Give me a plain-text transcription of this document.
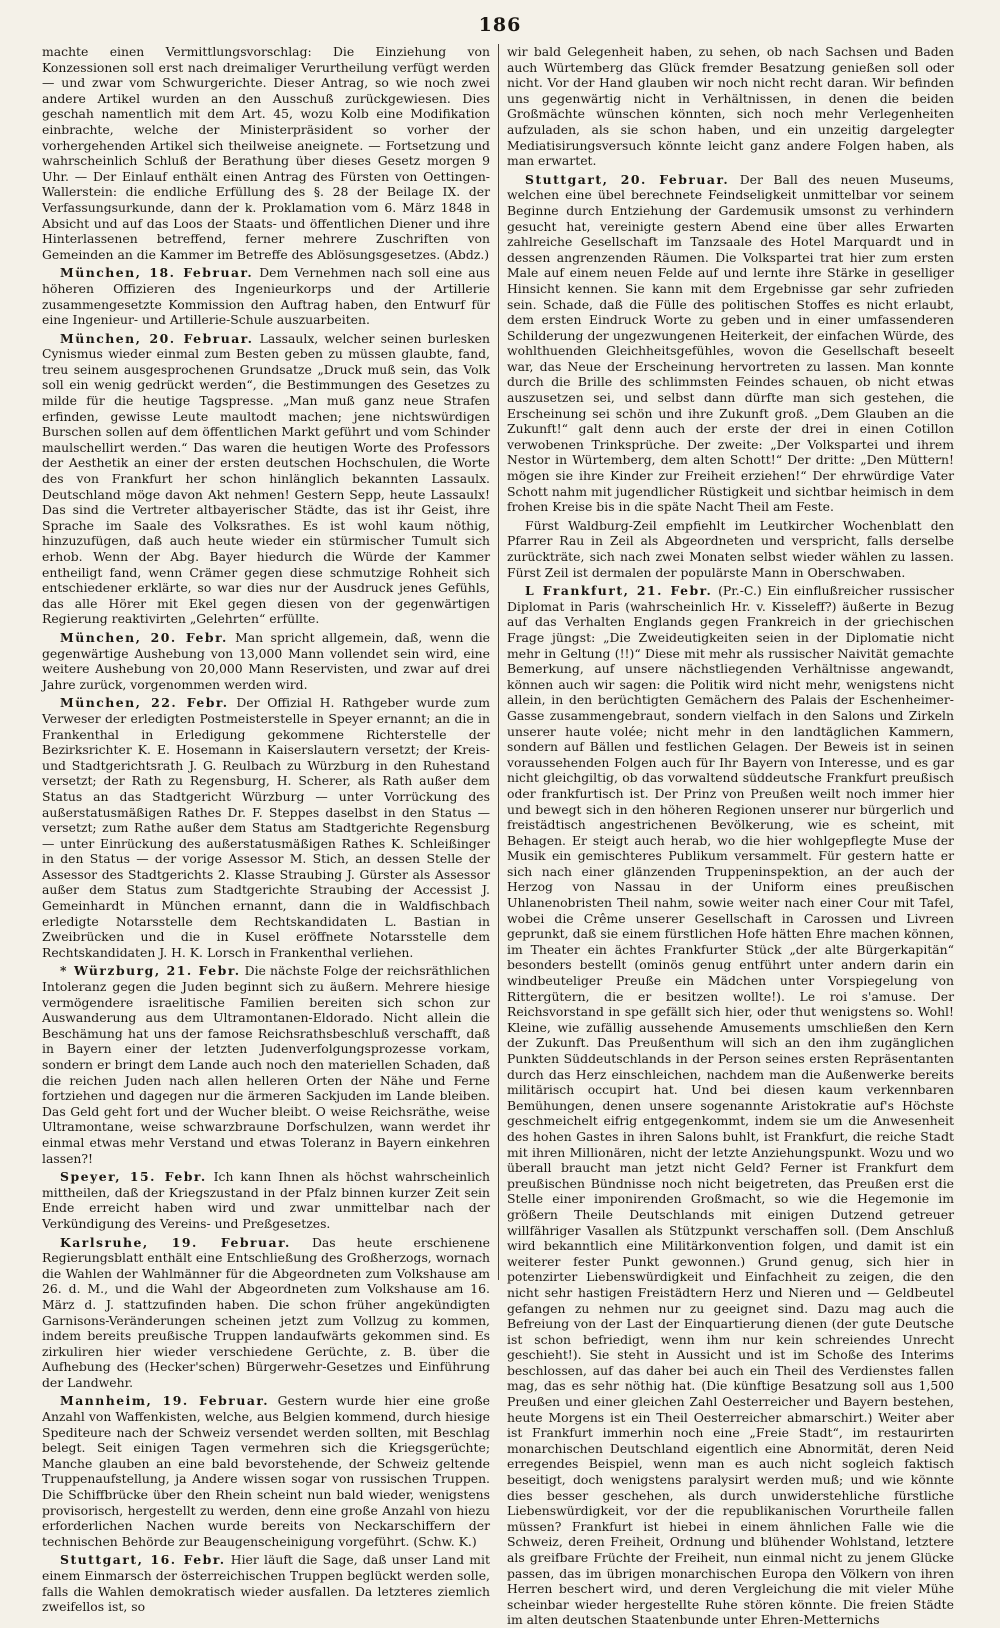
186

machte einen Vermittlungsvorschlag: Die Einziehung von Konzessionen soll erst nach dreimaliger Verurtheilung verfügt werden — und zwar vom Schwurgerichte. Dieser Antrag, so wie noch zwei andere Artikel wurden an den Ausschuß zurückgewiesen. Dies geschah namentlich mit dem Art. 45, wozu Kolb eine Modifikation einbrachte, welche der Ministerpräsident so vorher der vorhergehenden Artikel sich theilweise aneignete. — Fortsetzung und wahrscheinlich Schluß der Berathung über dieses Gesetz morgen 9 Uhr. — Der Einlauf enthält einen Antrag des Fürsten von Oettingen-Wallerstein: die endliche Erfüllung des §. 28 der Beilage IX. der Verfassungsurkunde, dann der k. Proklamation vom 6. März 1848 in Absicht und auf das Loos der Staats- und öffentlichen Diener und ihre Hinterlassenen betreffend, ferner mehrere Zuschriften von Gemeinden an die Kammer im Betreffe des Ablösungsgesetzes. (Abdz.)

München, 18. Februar. Dem Vernehmen nach soll eine aus höheren Offizieren des Ingenieurkorps und der Artillerie zusammengesetzte Kommission den Auftrag haben, den Entwurf für eine Ingenieur- und Artillerie-Schule auszuarbeiten.

München, 20. Februar. Lassaulx, welcher seinen burlesken Cynismus wieder einmal zum Besten geben zu müssen glaubte, fand, treu seinem ausgesprochenen Grundsatze „Druck muß sein, das Volk soll ein wenig gedrückt werden“, die Bestimmungen des Gesetzes zu milde für die heutige Tagspresse. „Man muß ganz neue Strafen erfinden, gewisse Leute maultodt machen; jene nichtswürdigen Burschen sollen auf dem öffentlichen Markt geführt und vom Schinder maulschellirt werden.“ Das waren die heutigen Worte des Professors der Aesthetik an einer der ersten deutschen Hochschulen, die Worte des von Frankfurt her schon hinlänglich bekannten Lassaulx. Deutschland möge davon Akt nehmen! Gestern Sepp, heute Lassaulx! Das sind die Vertreter altbayerischer Städte, das ist ihr Geist, ihre Sprache im Saale des Volksrathes. Es ist wohl kaum nöthig, hinzuzufügen, daß auch heute wieder ein stürmischer Tumult sich erhob. Wenn der Abg. Bayer hiedurch die Würde der Kammer entheiligt fand, wenn Crämer gegen diese schmutzige Rohheit sich entschiedener erklärte, so war dies nur der Ausdruck jenes Gefühls, das alle Hörer mit Ekel gegen diesen von der gegenwärtigen Regierung reaktivirten „Gelehrten“ erfüllte.

München, 20. Febr. Man spricht allgemein, daß, wenn die gegenwärtige Aushebung von 13,000 Mann vollendet sein wird, eine weitere Aushebung von 20,000 Mann Reservisten, und zwar auf drei Jahre zurück, vorgenommen werden wird.

München, 22. Febr. Der Offizial H. Rathgeber wurde zum Verweser der erledigten Postmeisterstelle in Speyer ernannt; an die in Frankenthal in Erledigung gekommene Richterstelle der Bezirksrichter K. E. Hosemann in Kaiserslautern versetzt; der Kreis- und Stadtgerichtsrath J. G. Reulbach zu Würzburg in den Ruhestand versetzt; der Rath zu Regensburg, H. Scherer, als Rath außer dem Status an das Stadtgericht Würzburg — unter Vorrückung des außerstatusmäßigen Rathes Dr. F. Steppes daselbst in den Status — versetzt; zum Rathe außer dem Status am Stadtgerichte Regensburg — unter Einrückung des außerstatusmäßigen Rathes K. Schleißinger in den Status — der vorige Assessor M. Stich, an dessen Stelle der Assessor des Stadtgerichts 2. Klasse Straubing J. Gürster als Assessor außer dem Status zum Stadtgerichte Straubing der Accessist J. Gemeinhardt in München ernannt, dann die in Waldfischbach erledigte Notarsstelle dem Rechtskandidaten L. Bastian in Zweibrücken und die in Kusel eröffnete Notarsstelle dem Rechtskandidaten J. H. K. Lorsch in Frankenthal verliehen.

* Würzburg, 21. Febr. Die nächste Folge der reichsräthlichen Intoleranz gegen die Juden beginnt sich zu äußern. Mehrere hiesige vermögendere israelitische Familien bereiten sich schon zur Auswanderung aus dem Ultramontanen-Eldorado. Nicht allein die Beschämung hat uns der famose Reichsrathsbeschluß verschafft, daß in Bayern einer der letzten Judenverfolgungsprozesse vorkam, sondern er bringt dem Lande auch noch den materiellen Schaden, daß die reichen Juden nach allen helleren Orten der Nähe und Ferne fortziehen und dagegen nur die ärmeren Sackjuden im Lande bleiben. Das Geld geht fort und der Wucher bleibt. O weise Reichsräthe, weise Ultramontane, weise schwarzbraune Dorfschulzen, wann werdet ihr einmal etwas mehr Verstand und etwas Toleranz in Bayern einkehren lassen?!

Speyer, 15. Febr. Ich kann Ihnen als höchst wahrscheinlich mittheilen, daß der Kriegszustand in der Pfalz binnen kurzer Zeit sein Ende erreicht haben wird und zwar unmittelbar nach der Verkündigung des Vereins- und Preßgesetzes.

Karlsruhe, 19. Februar. Das heute erschienene Regierungsblatt enthält eine Entschließung des Großherzogs, wornach die Wahlen der Wahlmänner für die Abgeordneten zum Volkshause am 26. d. M., und die Wahl der Abgeordneten zum Volkshause am 16. März d. J. stattzufinden haben. Die schon früher angekündigten Garnisons-Veränderungen scheinen jetzt zum Vollzug zu kommen, indem bereits preußische Truppen landaufwärts gekommen sind. Es zirkuliren hier wieder verschiedene Gerüchte, z. B. über die Aufhebung des (Hecker'schen) Bürgerwehr-Gesetzes und Einführung der Landwehr.

Mannheim, 19. Februar. Gestern wurde hier eine große Anzahl von Waffenkisten, welche, aus Belgien kommend, durch hiesige Spediteure nach der Schweiz versendet werden sollten, mit Beschlag belegt. Seit einigen Tagen vermehren sich die Kriegsgerüchte; Manche glauben an eine bald bevorstehende, der Schweiz geltende Truppenaufstellung, ja Andere wissen sogar von russischen Truppen. Die Schiffbrücke über den Rhein scheint nun bald wieder, wenigstens provisorisch, hergestellt zu werden, denn eine große Anzahl von hiezu erforderlichen Nachen wurde bereits von Neckarschiffern der technischen Behörde zur Beaugenscheinigung vorgeführt. (Schw. K.)

Stuttgart, 16. Febr. Hier läuft die Sage, daß unser Land mit einem Einmarsch der österreichischen Truppen beglückt werden solle, falls die Wahlen demokratisch wieder ausfallen. Da letzteres ziemlich zweifellos ist, so

wir bald Gelegenheit haben, zu sehen, ob nach Sachsen und Baden auch Würtemberg das Glück fremder Besatzung genießen soll oder nicht. Vor der Hand glauben wir noch nicht recht daran. Wir befinden uns gegenwärtig nicht in Verhältnissen, in denen die beiden Großmächte wünschen könnten, sich noch mehr Verlegenheiten aufzuladen, als sie schon haben, und ein unzeitig dargelegter Mediatisirungsversuch könnte leicht ganz andere Folgen haben, als man erwartet.

Stuttgart, 20. Februar. Der Ball des neuen Museums, welchen eine übel berechnete Feindseligkeit unmittelbar vor seinem Beginne durch Entziehung der Gardemusik umsonst zu verhindern gesucht hat, vereinigte gestern Abend eine über alles Erwarten zahlreiche Gesellschaft im Tanzsaale des Hotel Marquardt und in dessen angrenzenden Räumen. Die Volkspartei trat hier zum ersten Male auf einem neuen Felde auf und lernte ihre Stärke in geselliger Hinsicht kennen. Sie kann mit dem Ergebnisse gar sehr zufrieden sein. Schade, daß die Fülle des politischen Stoffes es nicht erlaubt, dem ersten Eindruck Worte zu geben und in einer umfassenderen Schilderung der ungezwungenen Heiterkeit, der einfachen Würde, des wohlthuenden Gleichheitsgefühles, wovon die Gesellschaft beseelt war, das Neue der Erscheinung hervortreten zu lassen. Man konnte durch die Brille des schlimmsten Feindes schauen, ob nicht etwas auszusetzen sei, und selbst dann dürfte man sich gestehen, die Erscheinung sei schön und ihre Zukunft groß. „Dem Glauben an die Zukunft!“ galt denn auch der erste der drei in einen Cotillon verwobenen Trinksprüche. Der zweite: „Der Volkspartei und ihrem Nestor in Würtemberg, dem alten Schott!“ Der dritte: „Den Müttern! mögen sie ihre Kinder zur Freiheit erziehen!“ Der ehrwürdige Vater Schott nahm mit jugendlicher Rüstigkeit und sichtbar heimisch in dem frohen Kreise bis in die späte Nacht Theil am Feste.

Fürst Waldburg-Zeil empfiehlt im Leutkircher Wochenblatt den Pfarrer Rau in Zeil als Abgeordneten und verspricht, falls derselbe zurückträte, sich nach zwei Monaten selbst wieder wählen zu lassen. Fürst Zeil ist dermalen der populärste Mann in Oberschwaben.

L Frankfurt, 21. Febr. (Pr.-C.) Ein einflußreicher russischer Diplomat in Paris (wahrscheinlich Hr. v. Kisseleff?) äußerte in Bezug auf das Verhalten Englands gegen Frankreich in der griechischen Frage jüngst: „Die Zweideutigkeiten seien in der Diplomatie nicht mehr in Geltung (!!)“ Diese mit mehr als russischer Naivität gemachte Bemerkung, auf unsere nächstliegenden Verhältnisse angewandt, können auch wir sagen: die Politik wird nicht mehr, wenigstens nicht allein, in den berüchtigten Gemächern des Palais der Eschenheimer-Gasse zusammengebraut, sondern vielfach in den Salons und Zirkeln unserer haute volée; nicht mehr in den landtäglichen Kammern, sondern auf Bällen und festlichen Gelagen. Der Beweis ist in seinen voraussehenden Folgen auch für Ihr Bayern von Interesse, und es gar nicht gleichgiltig, ob das vorwaltend süddeutsche Frankfurt preußisch oder frankfurtisch ist. Der Prinz von Preußen weilt noch immer hier und bewegt sich in den höheren Regionen unserer nur bürgerlich und freistädtisch angestrichenen Bevölkerung, wie es scheint, mit Behagen. Er steigt auch herab, wo die hier wohlgepflegte Muse der Musik ein gemischteres Publikum versammelt. Für gestern hatte er sich nach einer glänzenden Truppeninspektion, an der auch der Herzog von Nassau in der Uniform eines preußischen Uhlanenobristen Theil nahm, sowie weiter nach einer Cour mit Tafel, wobei die Crême unserer Gesellschaft in Carossen und Livreen geprunkt, daß sie einem fürstlichen Hofe hätten Ehre machen können, im Theater ein ächtes Frankfurter Stück „der alte Bürgerkapitän“ besonders bestellt (ominös genug entführt unter andern darin ein windbeuteliger Preuße ein Mädchen unter Vorspiegelung von Rittergütern, die er besitzen wollte!). Le roi s'amuse. Der Reichsvorstand in spe gefällt sich hier, oder thut wenigstens so. Wohl! Kleine, wie zufällig aussehende Amusements umschließen den Kern der Zukunft. Das Preußenthum will sich an den ihm zugänglichen Punkten Süddeutschlands in der Person seines ersten Repräsentanten durch das Herz einschleichen, nachdem man die Außenwerke bereits militärisch occupirt hat. Und bei diesen kaum verkennbaren Bemühungen, denen unsere sogenannte Aristokratie auf's Höchste geschmeichelt eifrig entgegenkommt, indem sie um die Anwesenheit des hohen Gastes in ihren Salons buhlt, ist Frankfurt, die reiche Stadt mit ihren Millionären, nicht der letzte Anziehungspunkt. Wozu und wo überall braucht man jetzt nicht Geld? Ferner ist Frankfurt dem preußischen Bündnisse noch nicht beigetreten, das Preußen erst die Stelle einer imponirenden Großmacht, so wie die Hegemonie im größern Theile Deutschlands mit einigen Dutzend getreuer willfähriger Vasallen als Stützpunkt verschaffen soll. (Dem Anschluß wird bekanntlich eine Militärkonvention folgen, und damit ist ein weiterer fester Punkt gewonnen.) Grund genug, sich hier in potenzirter Liebenswürdigkeit und Einfachheit zu zeigen, die den nicht sehr hastigen Freistädtern Herz und Nieren und — Geldbeutel gefangen zu nehmen nur zu geeignet sind. Dazu mag auch die Befreiung von der Last der Einquartierung dienen (der gute Deutsche ist schon befriedigt, wenn ihm nur kein schreiendes Unrecht geschieht!). Sie steht in Aussicht und ist im Schoße des Interims beschlossen, auf das daher bei auch ein Theil des Verdienstes fallen mag, das es sehr nöthig hat. (Die künftige Besatzung soll aus 1,500 Preußen und einer gleichen Zahl Oesterreicher und Bayern bestehen, heute Morgens ist ein Theil Oesterreicher abmarschirt.) Weiter aber ist Frankfurt immerhin noch eine „Freie Stadt“, im restaurirten monarchischen Deutschland eigentlich eine Abnormität, deren Neid erregendes Beispiel, wenn man es auch nicht sogleich faktisch beseitigt, doch wenigstens paralysirt werden muß; und wie könnte dies besser geschehen, als durch unwiderstehliche fürstliche Liebenswürdigkeit, vor der die republikanischen Vorurtheile fallen müssen? Frankfurt ist hiebei in einem ähnlichen Falle wie die Schweiz, deren Freiheit, Ordnung und blühender Wohlstand, letztere als greifbare Früchte der Freiheit, nun einmal nicht zu jenem Glücke passen, das im übrigen monarchischen Europa den Völkern von ihren Herren beschert wird, und deren Vergleichung die mit vieler Mühe scheinbar wieder hergestellte Ruhe stören könnte. Die freien Städte im alten deutschen Staatenbunde unter Ehren-Metternichs
